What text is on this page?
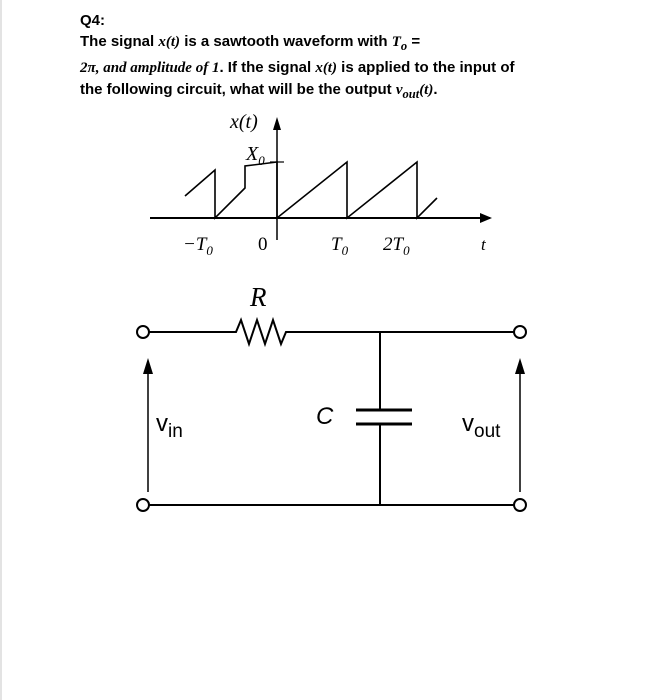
Q4:
The signal x(t) is a sawtooth waveform with $T_o$ =
2π, and amplitude of 1. If the signal x(t) is applied to the input of
the following circuit, what will be the output $v_{out}(t)$.
x(t)
$X_0$
t
$-T_0$ 0	$T_0$ $2T_0$
R
C
$v_{in}$	$v_{out}$
